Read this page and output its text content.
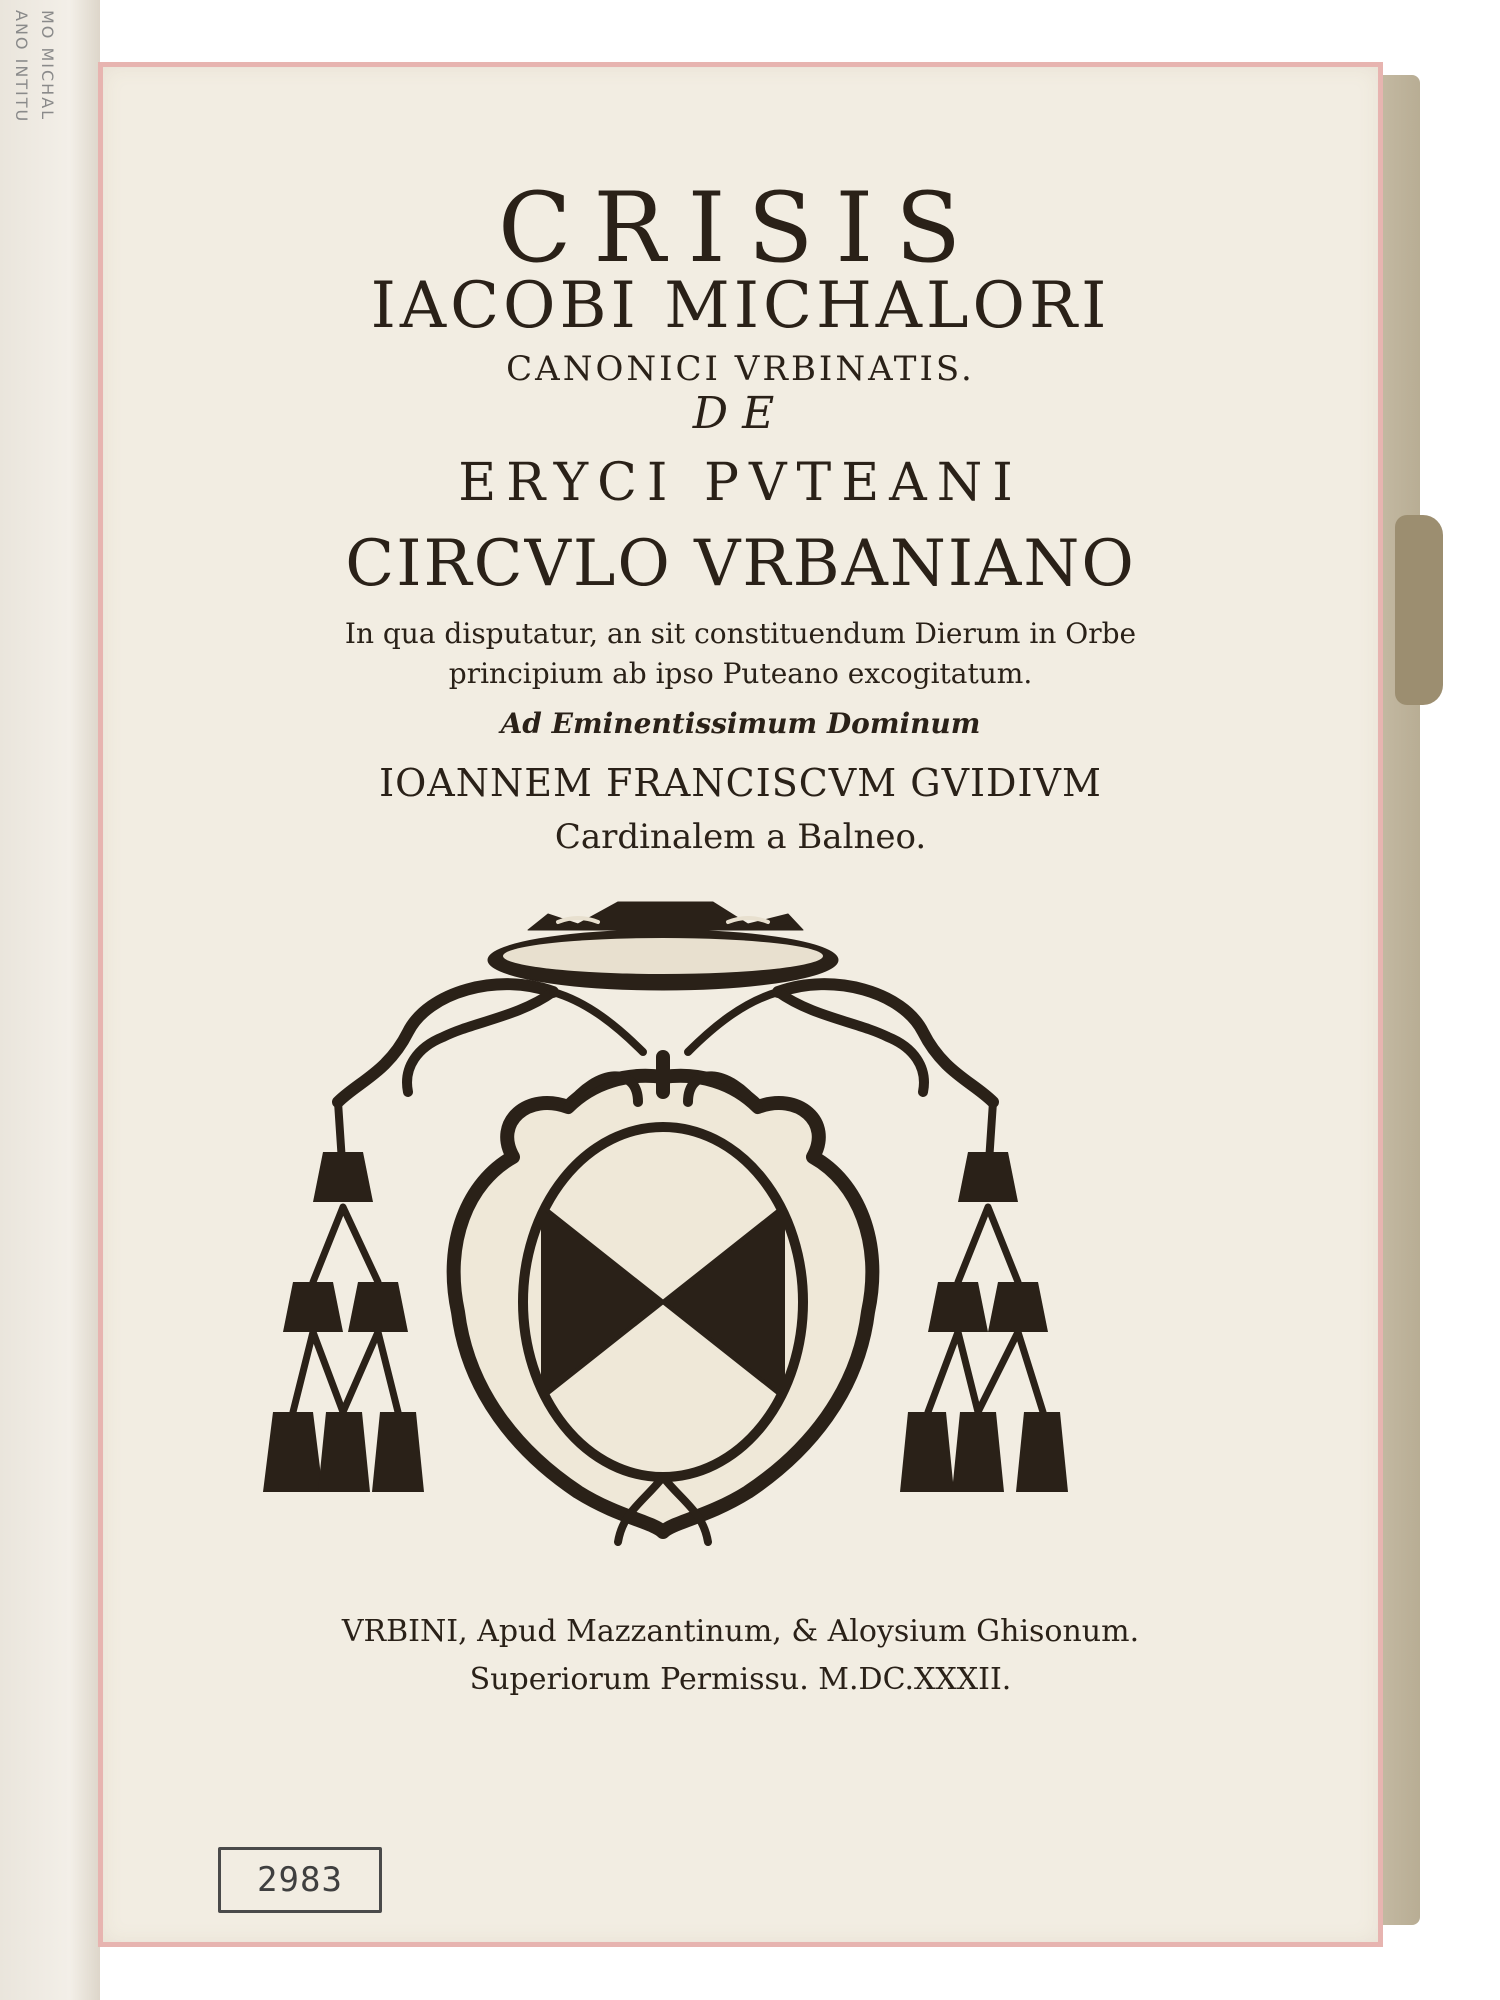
MO MICHAL
ANO INTITU

CRISIS

IACOBI MICHALORI

CANONICI VRBINATIS.

DE

ERYCI PVTEANI

CIRCVLO VRBANIANO

In qua disputatur, an sit constituendum Dierum in Orbe

principium ab ipso Puteano excogitatum.

Ad Eminentissimum Dominum

IOANNEM FRANCISCVM GVIDIVM

Cardinalem a Balneo.

VRBINI, Apud Mazzantinum, & Aloysium Ghisonum.

Superiorum Permissu. M.DC.XXXII.

2983
